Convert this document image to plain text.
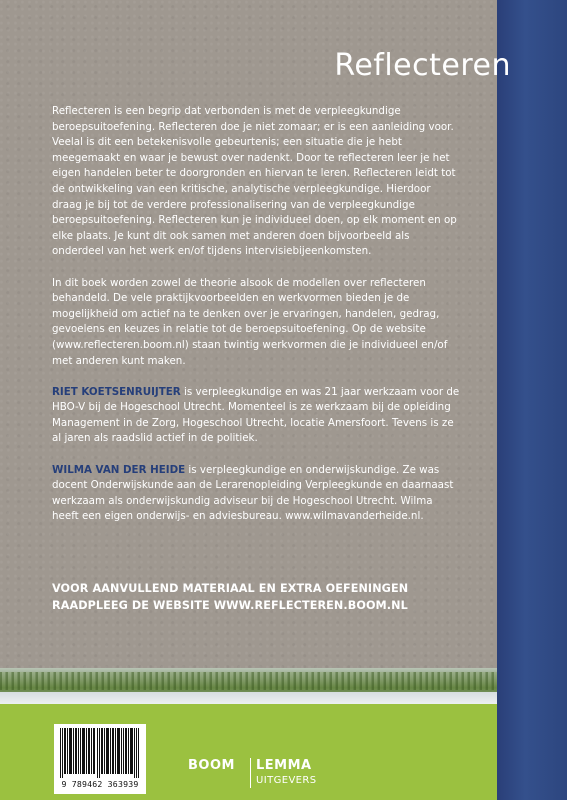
Reflecteren

Reflecteren is een begrip dat verbonden is met de verpleegkundige beroepsuitoefening. Reflecteren doe je niet zomaar; er is een aanleiding voor. Veelal is dit een betekenisvolle gebeurtenis; een situatie die je hebt meegemaakt en waar je bewust over nadenkt. Door te reflecteren leer je het eigen handelen beter te doorgronden en hiervan te leren. Reflecteren leidt tot de ontwikkeling van een kritische, analytische verpleegkundige. Hierdoor draag je bij tot de verdere professionalisering van de verpleegkundige beroepsuitoefening. Reflecteren kun je individueel doen, op elk moment en op elke plaats. Je kunt dit ook samen met anderen doen bijvoorbeeld als onderdeel van het werk en/of tijdens intervisiebijeenkomsten.

In dit boek worden zowel de theorie alsook de modellen over reflecteren behandeld. De vele praktijkvoorbeelden en werkvormen bieden je de mogelijkheid om actief na te denken over je ervaringen, handelen, gedrag, gevoelens en keuzes in relatie tot de beroepsuitoefening. Op de website (www.reflecteren.boom.nl) staan twintig werkvormen die je individueel en/of met anderen kunt maken.

RIET KOETSENRUIJTER is verpleegkundige en was 21 jaar werkzaam voor de HBO-V bij de Hogeschool Utrecht. Momenteel is ze werkzaam bij de opleiding Management in de Zorg, Hogeschool Utrecht, locatie Amersfoort. Tevens is ze al jaren als raadslid actief in de politiek.

WILMA VAN DER HEIDE is verpleegkundige en onderwijskundige. Ze was docent Onderwijskunde aan de Lerarenopleiding Verpleegkunde en daarnaast werkzaam als onderwijskundig adviseur bij de Hogeschool Utrecht. Wilma heeft een eigen onderwijs- en adviesbureau. www.wilmavanderheide.nl.

VOOR AANVULLEND MATERIAAL EN EXTRA OEFENINGEN
RAADPLEEG DE WEBSITE WWW.REFLECTEREN.BOOM.NL
9 789462 363939
BOOM LEMMA
UITGEVERS
